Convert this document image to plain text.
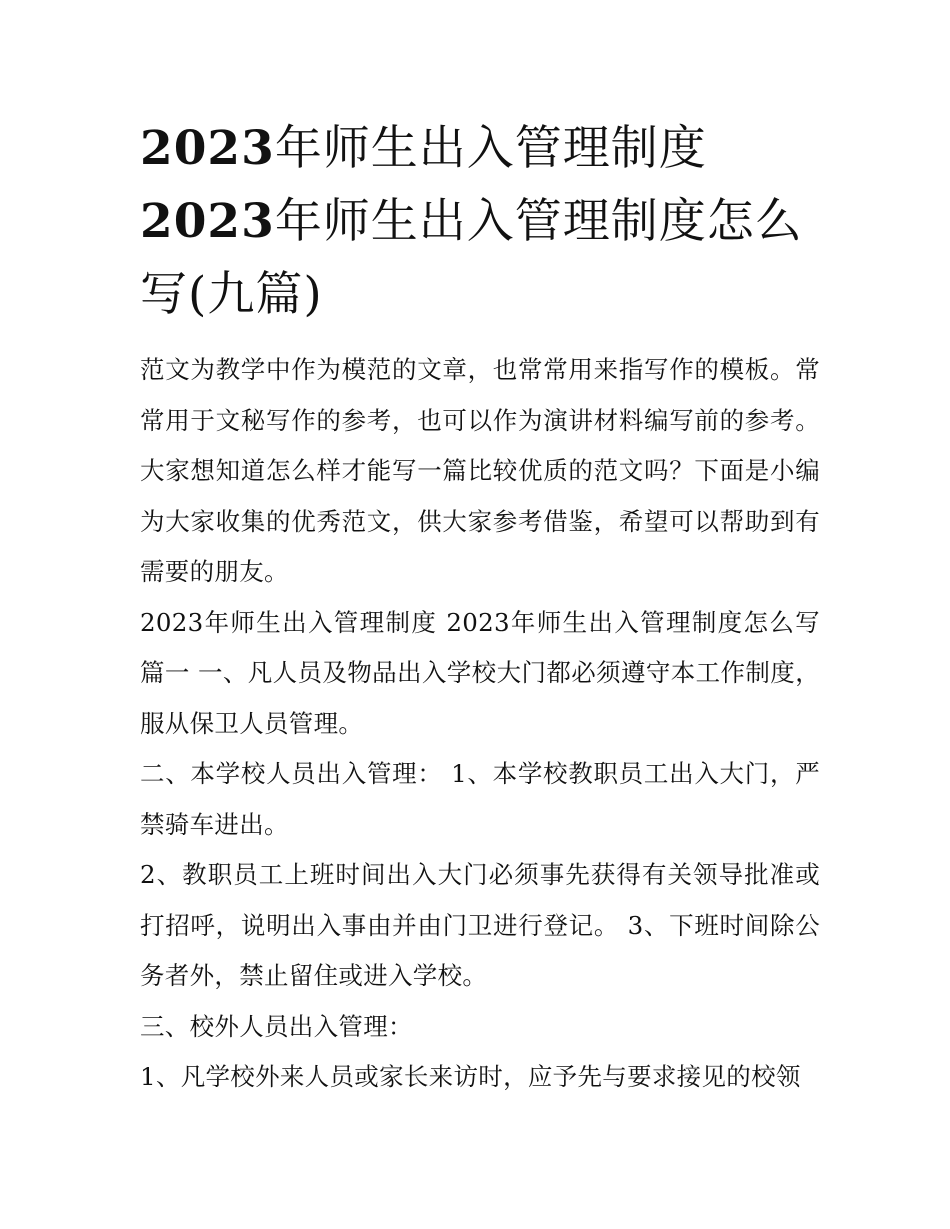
2023年师生出入管理制度
2023年师生出入管理制度怎么写(九篇)

范文为教学中作为模范的文章，也常常用来指写作的模板。常常用于文秘写作的参考，也可以作为演讲材料编写前的参考。大家想知道怎么样才能写一篇比较优质的范文吗？下面是小编为大家收集的优秀范文，供大家参考借鉴，希望可以帮助到有需要的朋友。

2023年师生出入管理制度 2023年师生出入管理制度怎么写篇一 一、凡人员及物品出入学校大门都必须遵守本工作制度，服从保卫人员管理。

二、本学校人员出入管理： 1、本学校教职员工出入大门，严禁骑车进出。

2、教职员工上班时间出入大门必须事先获得有关领导批准或打招呼，说明出入事由并由门卫进行登记。 3、下班时间除公务者外，禁止留住或进入学校。

三、校外人员出入管理：

1、凡学校外来人员或家长来访时，应予先与要求接见的校领
